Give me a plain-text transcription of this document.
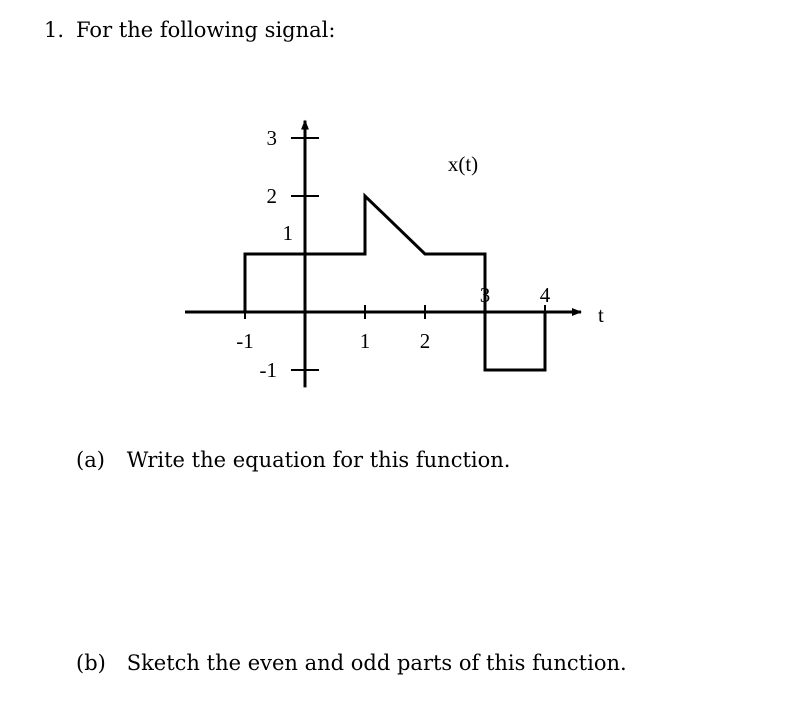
1. For the following signal:
-1	1 2
3 4
3
2
1
-1
x(t)
t
(a) Write the equation for this function.
(b) Sketch the even and odd parts of this function.
